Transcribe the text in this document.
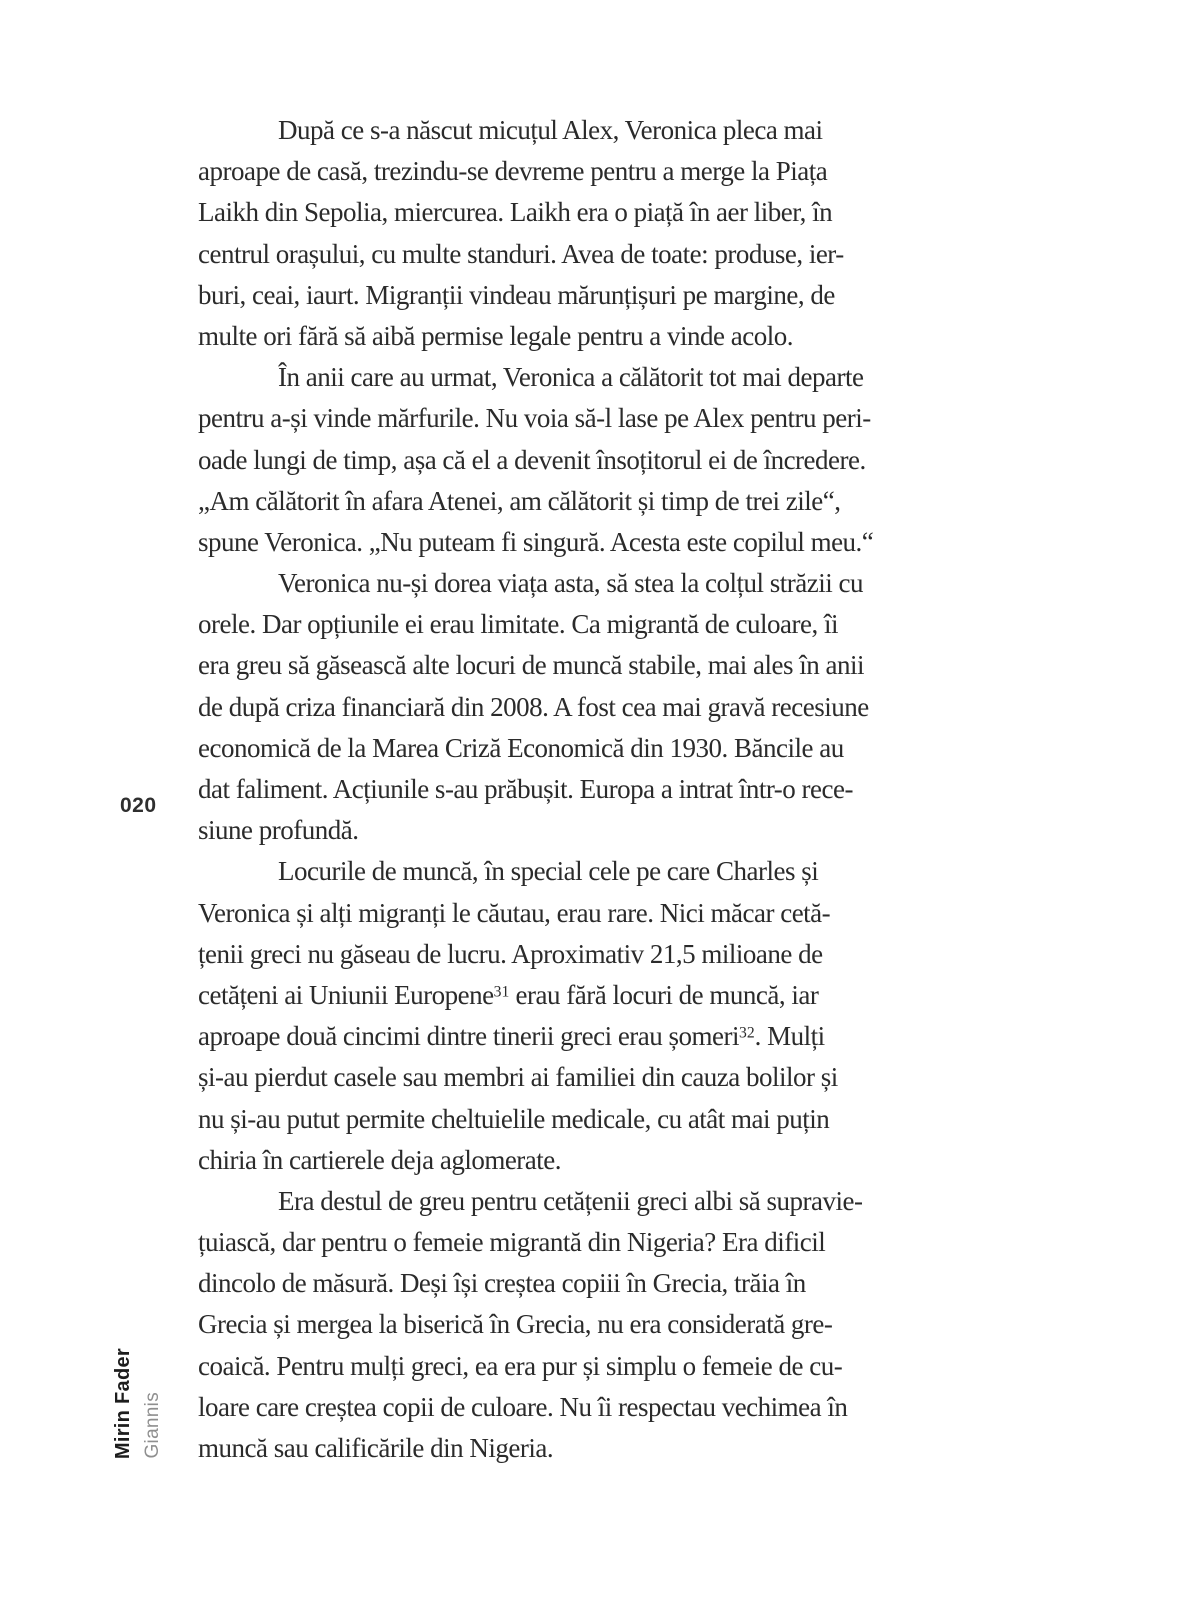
020

După ce s-a născut micuțul Alex, Veronica pleca mai
aproape de casă, trezindu-se devreme pentru a merge la Piața
Laikh din Sepolia, miercurea. Laikh era o piață în aer liber, în
centrul orașului, cu multe standuri. Avea de toate: produse, ier-
buri, ceai, iaurt. Migranții vindeau mărunțișuri pe margine, de
multe ori fără să aibă permise legale pentru a vinde acolo.

În anii care au urmat, Veronica a călătorit tot mai departe
pentru a-și vinde mărfurile. Nu voia să-l lase pe Alex pentru peri-
oade lungi de timp, așa că el a devenit însoțitorul ei de încredere.
„Am călătorit în afara Atenei, am călătorit și timp de trei zile“,
spune Veronica. „Nu puteam fi singură. Acesta este copilul meu.“

Veronica nu-și dorea viața asta, să stea la colțul străzii cu
orele. Dar opțiunile ei erau limitate. Ca migrantă de culoare, îi
era greu să găsească alte locuri de muncă stabile, mai ales în anii
de după criza financiară din 2008. A fost cea mai gravă recesiune
economică de la Marea Criză Economică din 1930. Băncile au
dat faliment. Acțiunile s-au prăbușit. Europa a intrat într-o rece-
siune profundă.

Locurile de muncă, în special cele pe care Charles și
Veronica și alți migranți le căutau, erau rare. Nici măcar cetă-
țenii greci nu găseau de lucru. Aproximativ 21,5 milioane de
cetățeni ai Uniunii Europene$^{31}$ erau fără locuri de muncă, iar
aproape două cincimi dintre tinerii greci erau șomeri$^{32}$. Mulți
și-au pierdut casele sau membri ai familiei din cauza bolilor și
nu și-au putut permite cheltuielile medicale, cu atât mai puțin
chiria în cartierele deja aglomerate.

Era destul de greu pentru cetățenii greci albi să supravie-
țuiască, dar pentru o femeie migrantă din Nigeria? Era dificil
dincolo de măsură. Deși își creștea copiii în Grecia, trăia în
Grecia și mergea la biserică în Grecia, nu era considerată gre-
coaică. Pentru mulți greci, ea era pur și simplu o femeie de cu-
loare care creștea copii de culoare. Nu îi respectau vechimea în
muncă sau calificările din Nigeria.

Mirin Fader Giannis
